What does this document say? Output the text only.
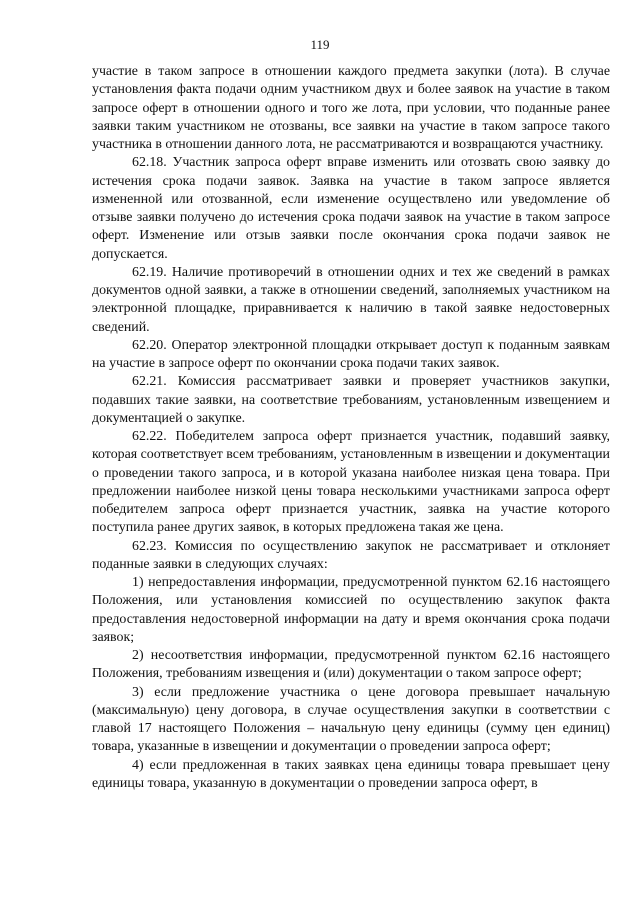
119

участие в таком запросе в отношении каждого предмета закупки (лота). В случае установления факта подачи одним участником двух и более заявок на участие в таком запросе оферт в отношении одного и того же лота, при условии, что поданные ранее заявки таким участником не отозваны, все заявки на участие в таком запросе такого участника в отношении данного лота, не рассматриваются и возвращаются участнику.

62.18. Участник запроса оферт вправе изменить или отозвать свою заявку до истечения срока подачи заявок. Заявка на участие в таком запросе является измененной или отозванной, если изменение осуществлено или уведомление об отзыве заявки получено до истечения срока подачи заявок на участие в таком запросе оферт. Изменение или отзыв заявки после окончания срока подачи заявок не допускается.

62.19. Наличие противоречий в отношении одних и тех же сведений в рамках документов одной заявки, а также в отношении сведений, заполняемых участником на электронной площадке, приравнивается к наличию в такой заявке недостоверных сведений.

62.20. Оператор электронной площадки открывает доступ к поданным заявкам на участие в запросе оферт по окончании срока подачи таких заявок.

62.21. Комиссия рассматривает заявки и проверяет участников закупки, подавших такие заявки, на соответствие требованиям, установленным извещением и документацией о закупке.

62.22. Победителем запроса оферт признается участник, подавший заявку, которая соответствует всем требованиям, установленным в извещении и документации о проведении такого запроса, и в которой указана наиболее низкая цена товара. При предложении наиболее низкой цены товара несколькими участниками запроса оферт победителем запроса оферт признается участник, заявка на участие которого поступила ранее других заявок, в которых предложена такая же цена.

62.23. Комиссия по осуществлению закупок не рассматривает и отклоняет поданные заявки в следующих случаях:

1) непредоставления информации, предусмотренной пунктом 62.16 настоящего Положения, или установления комиссией по осуществлению закупок факта предоставления недостоверной информации на дату и время окончания срока подачи заявок;

2) несоответствия информации, предусмотренной пунктом 62.16 настоящего Положения, требованиям извещения и (или) документации о таком запросе оферт;

3) если предложение участника о цене договора превышает начальную (максимальную) цену договора, в случае осуществления закупки в соответствии с главой 17 настоящего Положения – начальную цену единицы (сумму цен единиц) товара, указанные в извещении и документации о проведении запроса оферт;

4) если предложенная в таких заявках цена единицы товара превышает цену единицы товара, указанную в документации о проведении запроса оферт, в
